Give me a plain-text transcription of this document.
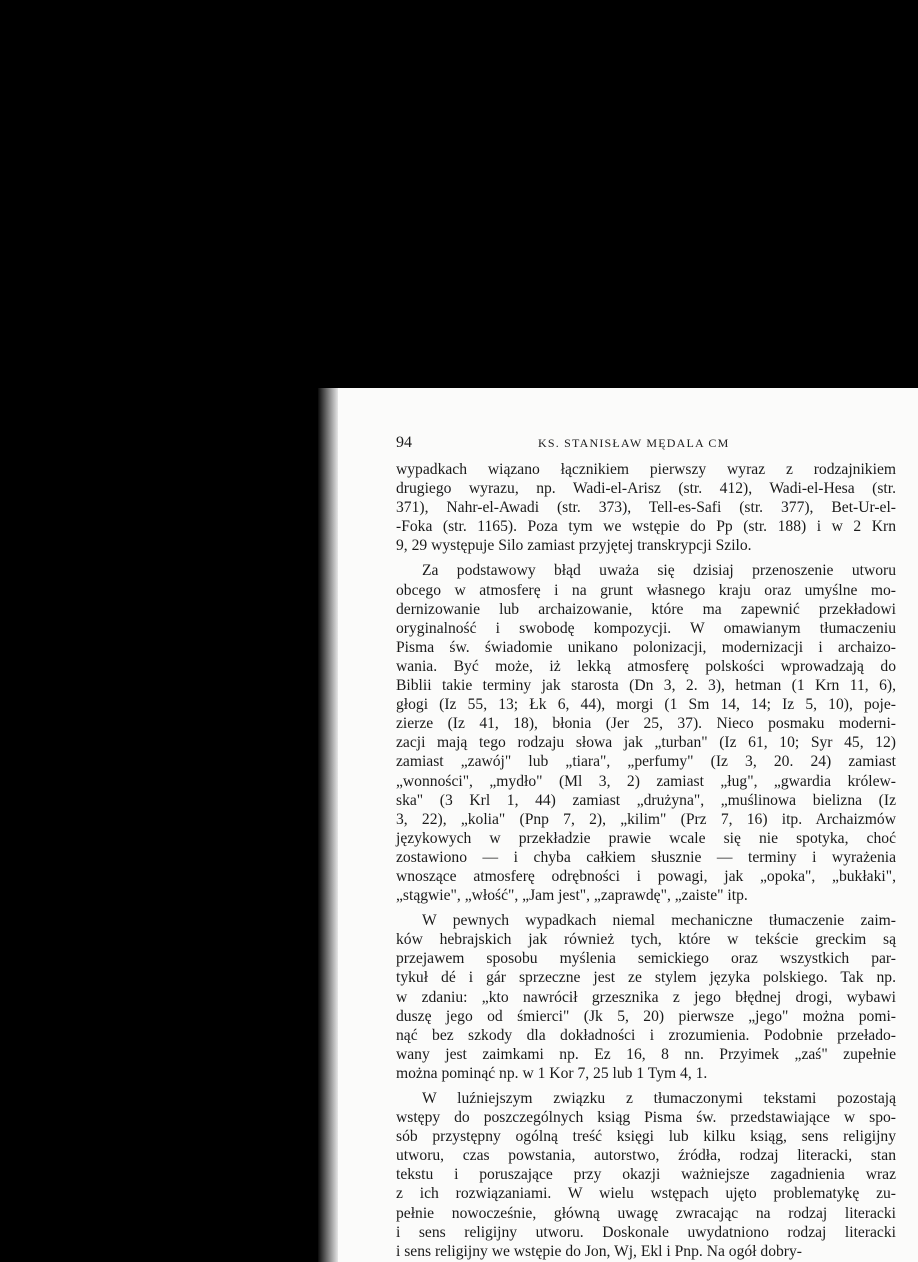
94	KS. STANISŁAW MĘDALA CM
wypadkach wiązano łącznikiem pierwszy wyraz z rodzajnikiem
drugiego wyrazu, np. Wadi-el-Arisz (str. 412), Wadi-el-Hesa (str.
371), Nahr-el-Awadi (str. 373), Tell-es-Safi (str. 377), Bet-Ur-el-
-Foka (str. 1165). Poza tym we wstępie do Pp (str. 188) i w 2 Krn
9, 29 występuje Silo zamiast przyjętej transkrypcji Szilo.
Za podstawowy błąd uważa się dzisiaj przenoszenie utworu
obcego w atmosferę i na grunt własnego kraju oraz umyślne mo-
dernizowanie lub archaizowanie, które ma zapewnić przekładowi
oryginalność i swobodę kompozycji. W omawianym tłumaczeniu
Pisma św. świadomie unikano polonizacji, modernizacji i archaizo-
wania. Być może, iż lekką atmosferę polskości wprowadzają do
Biblii takie terminy jak starosta (Dn 3, 2. 3), hetman (1 Krn 11, 6),
głogi (Iz 55, 13; Łk 6, 44), morgi (1 Sm 14, 14; Iz 5, 10), poje-
zierze (Iz 41, 18), błonia (Jer 25, 37). Nieco posmaku moderni-
zacji mają tego rodzaju słowa jak „turban" (Iz 61, 10; Syr 45, 12)
zamiast „zawój" lub „tiara", „perfumy" (Iz 3, 20. 24) zamiast
„wonności", „mydło" (Ml 3, 2) zamiast „ług", „gwardia królew-
ska" (3 Krl 1, 44) zamiast „drużyna", „muślinowa bielizna (Iz
3, 22), „kolia" (Pnp 7, 2), „kilim" (Prz 7, 16) itp. Archaizmów
językowych w przekładzie prawie wcale się nie spotyka, choć
zostawiono — i chyba całkiem słusznie — terminy i wyrażenia
wnoszące atmosferę odrębności i powagi, jak „opoka", „bukłaki",
„stągwie", „włość", „Jam jest", „zaprawdę", „zaiste" itp.
W pewnych wypadkach niemal mechaniczne tłumaczenie zaim-
ków hebrajskich jak również tych, które w tekście greckim są
przejawem sposobu myślenia semickiego oraz wszystkich par-
tykuł dé i gár sprzeczne jest ze stylem języka polskiego. Tak np.
w zdaniu: „kto nawrócił grzesznika z jego błędnej drogi, wybawi
duszę jego od śmierci" (Jk 5, 20) pierwsze „jego" można pomi-
nąć bez szkody dla dokładności i zrozumienia. Podobnie przełado-
wany jest zaimkami np. Ez 16, 8 nn. Przyimek „zaś" zupełnie
można pominąć np. w 1 Kor 7, 25 lub 1 Tym 4, 1.
W luźniejszym związku z tłumaczonymi tekstami pozostają
wstępy do poszczególnych ksiąg Pisma św. przedstawiające w spo-
sób przystępny ogólną treść księgi lub kilku ksiąg, sens religijny
utworu, czas powstania, autorstwo, źródła, rodzaj literacki, stan
tekstu i poruszające przy okazji ważniejsze zagadnienia wraz
z ich rozwiązaniami. W wielu wstępach ujęto problematykę zu-
pełnie nowocześnie, główną uwagę zwracając na rodzaj literacki
i sens religijny utworu. Doskonale uwydatniono rodzaj literacki
i sens religijny we wstępie do Jon, Wj, Ekl i Pnp. Na ogół dobry-
